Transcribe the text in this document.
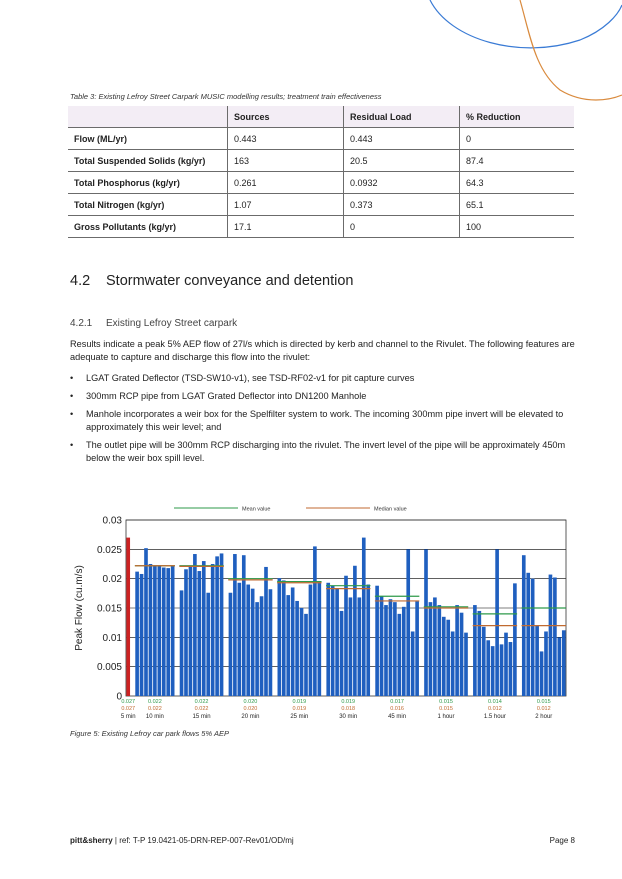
Table 3: Existing Lefroy Street Carpark MUSIC modelling results; treatment train effectiveness
	Sources	Residual Load	% Reduction
Flow (ML/yr)	0.443	0.443	0
Total Suspended Solids (kg/yr)	163	20.5	87.4
Total Phosphorus (kg/yr)	0.261	0.0932	64.3
Total Nitrogen (kg/yr)	1.07	0.373	65.1
Gross Pollutants (kg/yr)	17.1	0	100
4.2 Stormwater conveyance and detention
4.2.1 Existing Lefroy Street carpark
Results indicate a peak 5% AEP flow of 27l/s which is directed by kerb and channel to the Rivulet. The following features are adequate to capture and discharge this flow into the rivulet:
• LGAT Grated Deflector (TSD-SW10-v1), see TSD-RF02-v1 for pit capture curves
• 300mm RCP pipe from LGAT Grated Deflector into DN1200 Manhole
• Manhole incorporates a weir box for the Spelfilter system to work. The incoming 300mm pipe invert will be elevated to approximately this weir level; and
• The outlet pipe will be 300mm RCP discharging into the rivulet. The invert level of the pipe will be approximately 450m below the weir box spill level.
Mean value	Median value
0
0.005
0.01
0.015
0.02
0.025
0.03
Peak Flow (cu.m/s)
0.027
0.027
5 min
0.022
0.022
10 min
0.022
0.022
15 min
0.020
0.020
20 min
0.019
0.019
25 min
0.019
0.018
30 min
0.017
0.016
45 min
0.015
0.015
1 hour
0.014
0.012
1.5 hour
0.015
0.012
2 hour
Figure 5: Existing Lefroy car park flows 5% AEP
pitt&sherry | ref: T-P 19.0421-05-DRN-REP-007-Rev01/OD/mj	Page 8
